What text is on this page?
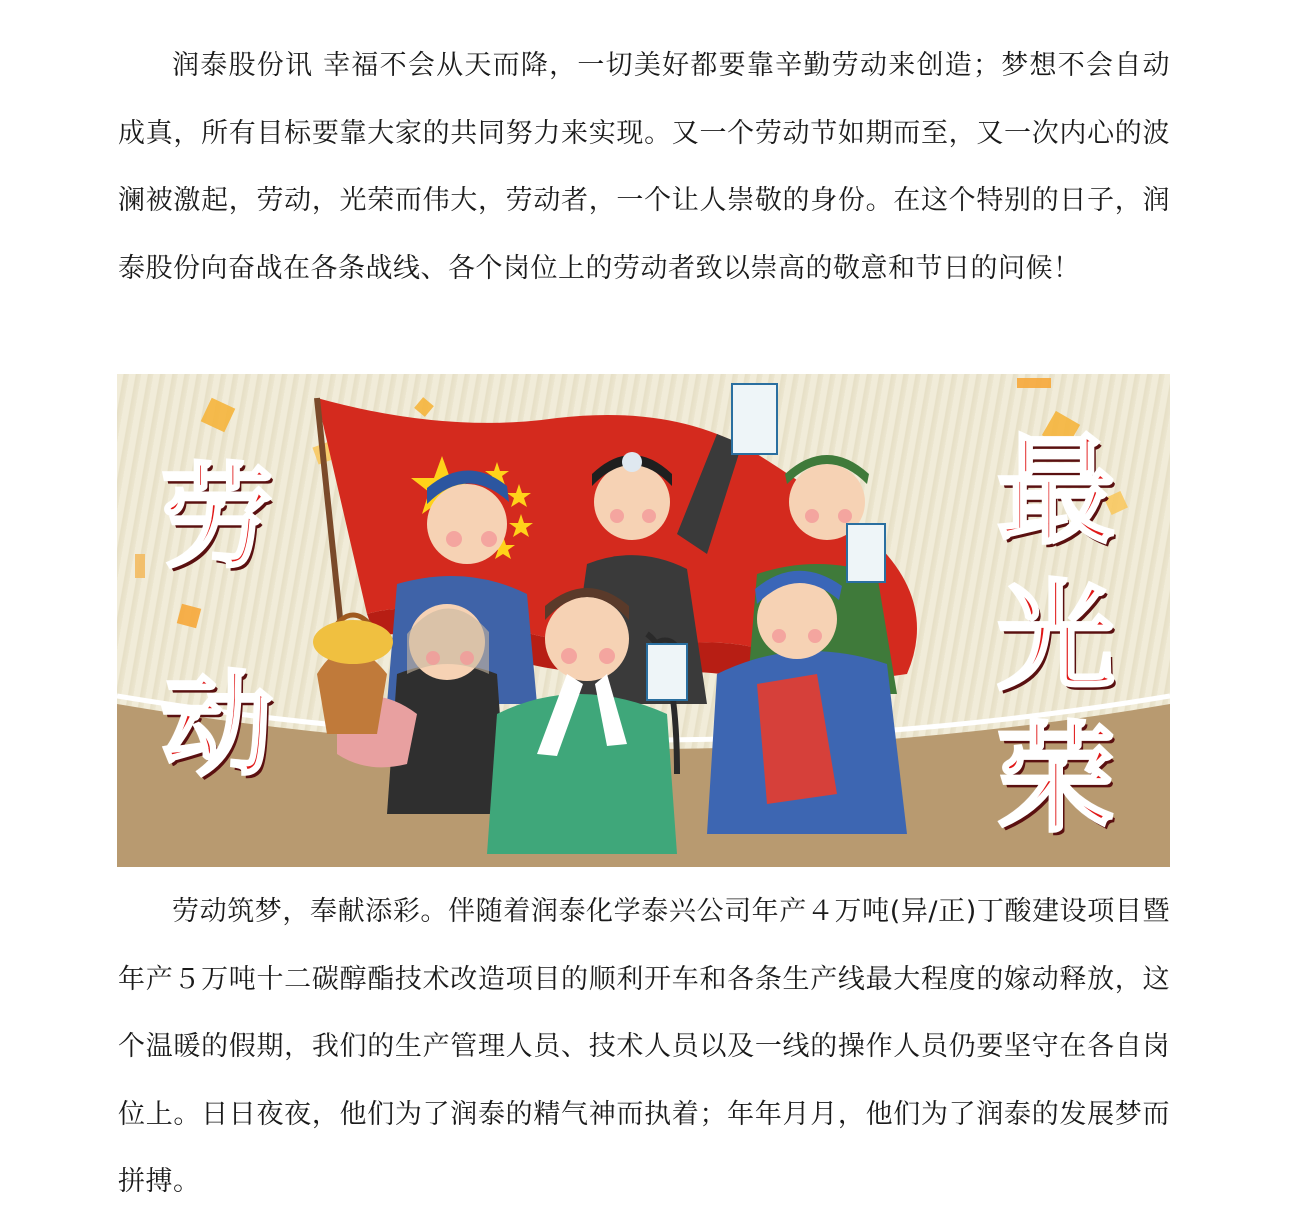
润泰股份讯 幸福不会从天而降，一切美好都要靠辛勤劳动来创造；梦想不会自动成真，所有目标要靠大家的共同努力来实现。又一个劳动节如期而至，又一次内心的波澜被激起，劳动，光荣而伟大，劳动者，一个让人崇敬的身份。在这个特别的日子，润泰股份向奋战在各条战线、各个岗位上的劳动者致以崇高的敬意和节日的问候！

劳
动
最
光
荣

劳动筑梦，奉献添彩。伴随着润泰化学泰兴公司年产４万吨(异/正)丁酸建设项目暨年产５万吨十二碳醇酯技术改造项目的顺利开车和各条生产线最大程度的嫁动释放，这个温暖的假期，我们的生产管理人员、技术人员以及一线的操作人员仍要坚守在各自岗位上。日日夜夜，他们为了润泰的精气神而执着；年年月月，他们为了润泰的发展梦而拼搏。
